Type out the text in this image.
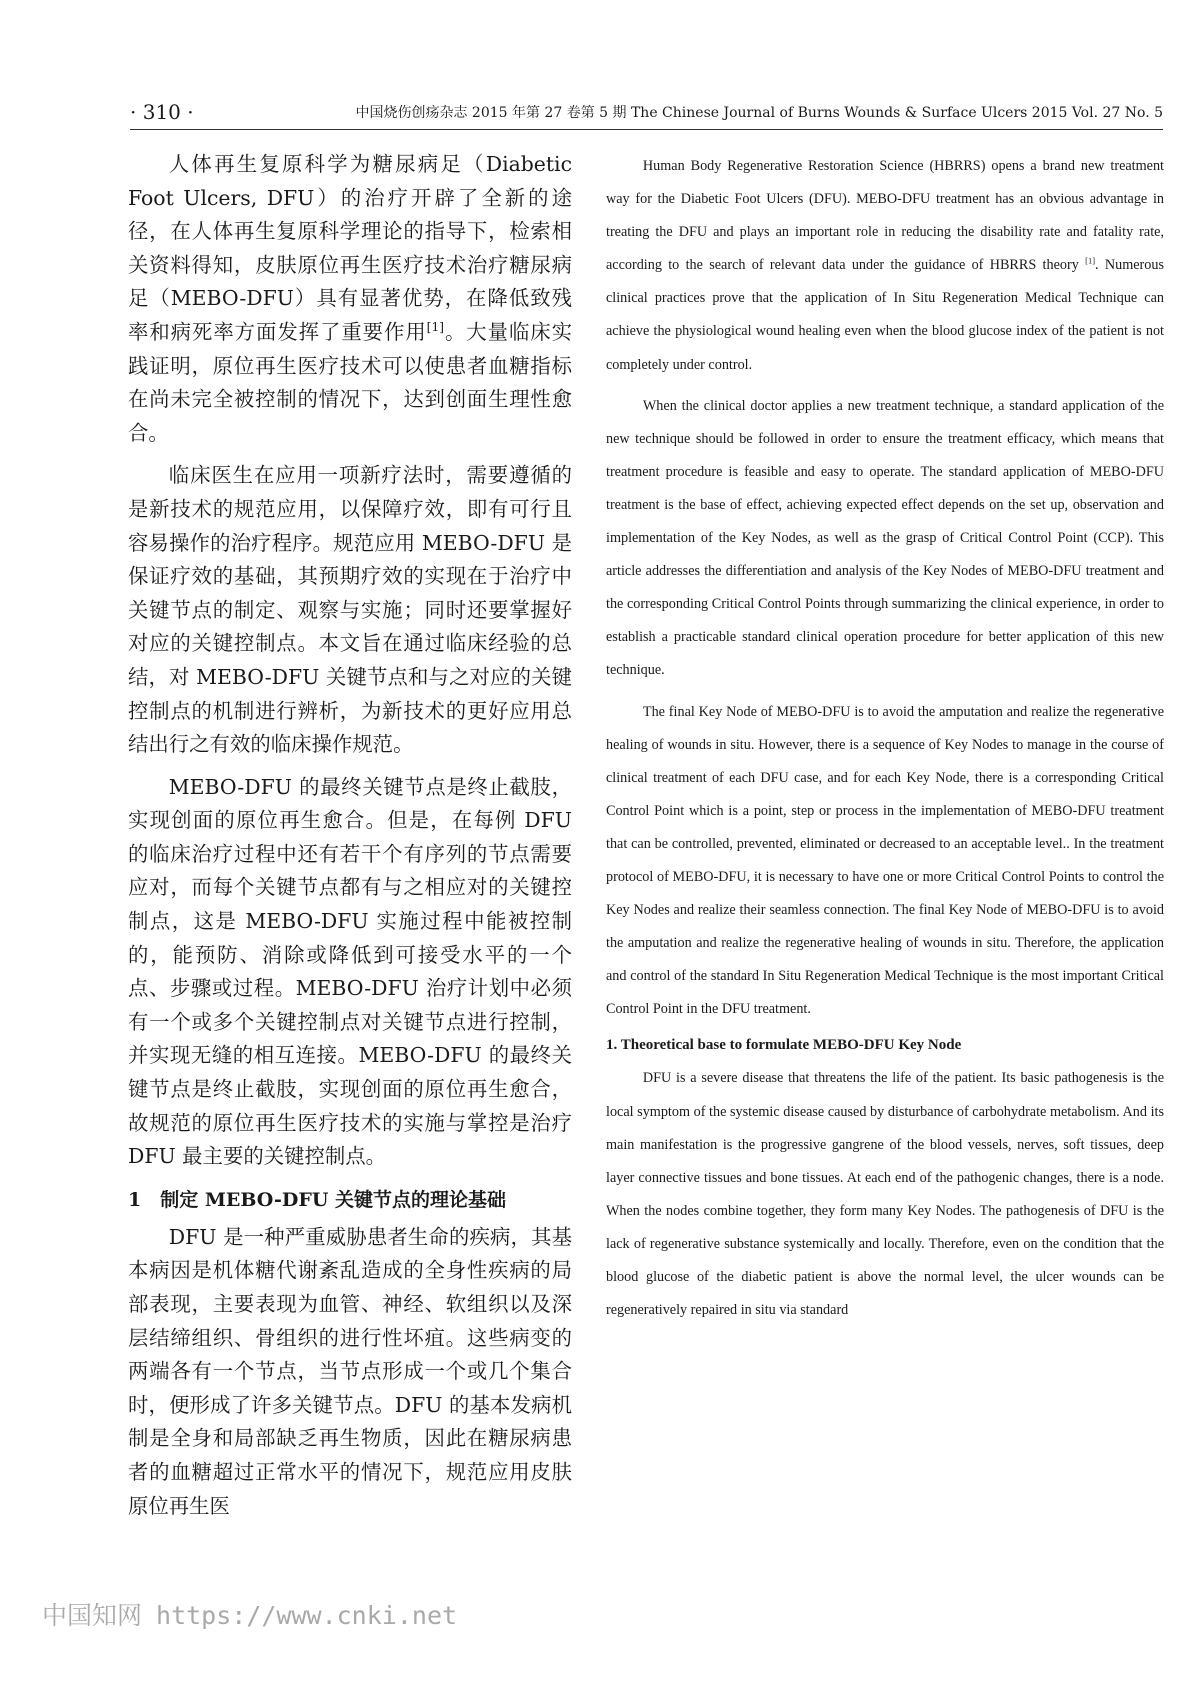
· 310 ·	中国烧伤创疡杂志 2015 年第 27 卷第 5 期 The Chinese Journal of Burns Wounds & Surface Ulcers 2015 Vol. 27 No. 5

人体再生复原科学为糖尿病足（Diabetic Foot Ulcers, DFU）的治疗开辟了全新的途径，在人体再生复原科学理论的指导下，检索相关资料得知，皮肤原位再生医疗技术治疗糖尿病足（MEBO-DFU）具有显著优势，在降低致残率和病死率方面发挥了重要作用[1]。大量临床实践证明，原位再生医疗技术可以使患者血糖指标在尚未完全被控制的情况下，达到创面生理性愈合。

临床医生在应用一项新疗法时，需要遵循的是新技术的规范应用，以保障疗效，即有可行且容易操作的治疗程序。规范应用 MEBO-DFU 是保证疗效的基础，其预期疗效的实现在于治疗中关键节点的制定、观察与实施；同时还要掌握好对应的关键控制点。本文旨在通过临床经验的总结，对 MEBO-DFU 关键节点和与之对应的关键控制点的机制进行辨析，为新技术的更好应用总结出行之有效的临床操作规范。

MEBO-DFU 的最终关键节点是终止截肢，实现创面的原位再生愈合。但是，在每例 DFU 的临床治疗过程中还有若干个有序列的节点需要应对，而每个关键节点都有与之相应对的关键控制点，这是 MEBO-DFU 实施过程中能被控制的，能预防、消除或降低到可接受水平的一个点、步骤或过程。MEBO-DFU 治疗计划中必须有一个或多个关键控制点对关键节点进行控制，并实现无缝的相互连接。MEBO-DFU 的最终关键节点是终止截肢，实现创面的原位再生愈合，故规范的原位再生医疗技术的实施与掌控是治疗 DFU 最主要的关键控制点。

1　制定 MEBO-DFU 关键节点的理论基础

DFU 是一种严重威胁患者生命的疾病，其基本病因是机体糖代谢紊乱造成的全身性疾病的局部表现，主要表现为血管、神经、软组织以及深层结缔组织、骨组织的进行性坏疽。这些病变的两端各有一个节点，当节点形成一个或几个集合时，便形成了许多关键节点。DFU 的基本发病机制是全身和局部缺乏再生物质，因此在糖尿病患者的血糖超过正常水平的情况下，规范应用皮肤原位再生医

Human Body Regenerative Restoration Science (HBRRS) opens a brand new treatment way for the Diabetic Foot Ulcers (DFU). MEBO-DFU treatment has an obvious advantage in treating the DFU and plays an important role in reducing the disability rate and fatality rate, according to the search of relevant data under the guidance of HBRRS theory [1]. Numerous clinical practices prove that the application of In Situ Regeneration Medical Technique can achieve the physiological wound healing even when the blood glucose index of the patient is not completely under control.

When the clinical doctor applies a new treatment technique, a standard application of the new technique should be followed in order to ensure the treatment efficacy, which means that treatment procedure is feasible and easy to operate. The standard application of MEBO-DFU treatment is the base of effect, achieving expected effect depends on the set up, observation and implementation of the Key Nodes, as well as the grasp of Critical Control Point (CCP). This article addresses the differentiation and analysis of the Key Nodes of MEBO-DFU treatment and the corresponding Critical Control Points through summarizing the clinical experience, in order to establish a practicable standard clinical operation procedure for better application of this new technique.

The final Key Node of MEBO-DFU is to avoid the amputation and realize the regenerative healing of wounds in situ. However, there is a sequence of Key Nodes to manage in the course of clinical treatment of each DFU case, and for each Key Node, there is a corresponding Critical Control Point which is a point, step or process in the implementation of MEBO-DFU treatment that can be controlled, prevented, eliminated or decreased to an acceptable level.. In the treatment protocol of MEBO-DFU, it is necessary to have one or more Critical Control Points to control the Key Nodes and realize their seamless connection. The final Key Node of MEBO-DFU is to avoid the amputation and realize the regenerative healing of wounds in situ. Therefore, the application and control of the standard In Situ Regeneration Medical Technique is the most important Critical Control Point in the DFU treatment.

1. Theoretical base to formulate MEBO-DFU Key Node

DFU is a severe disease that threatens the life of the patient. Its basic pathogenesis is the local symptom of the systemic disease caused by disturbance of carbohydrate metabolism. And its main manifestation is the progressive gangrene of the blood vessels, nerves, soft tissues, deep layer connective tissues and bone tissues. At each end of the pathogenic changes, there is a node. When the nodes combine together, they form many Key Nodes. The pathogenesis of DFU is the lack of regenerative substance systemically and locally. Therefore, even on the condition that the blood glucose of the diabetic patient is above the normal level, the ulcer wounds can be regeneratively repaired in situ via standard

中国知网 https://www.cnki.net
